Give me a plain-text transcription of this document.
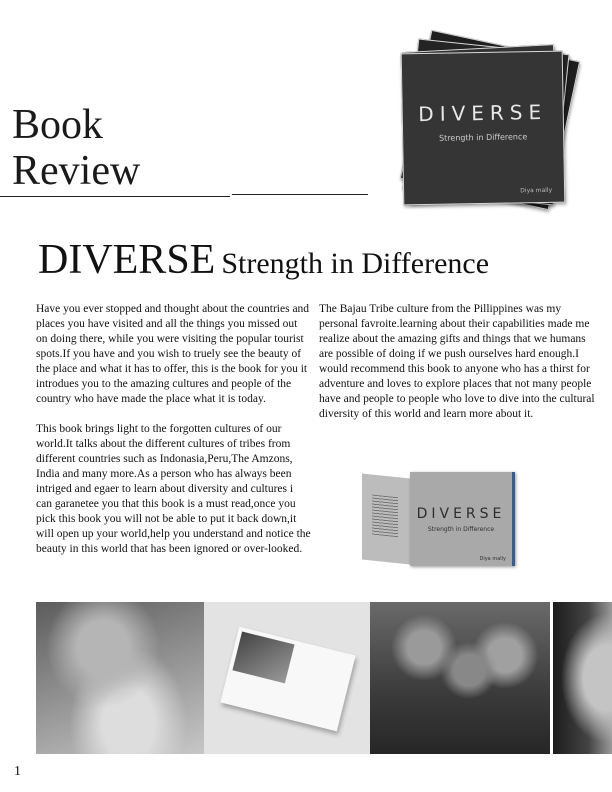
Book
Review
DIVERSE
Strength in Difference
Diya mally
DIVERSE Strength in Difference

Have you ever stopped and thought about the countries and places you have visited and all the things you missed out on doing there, while you were visiting the popular tourist spots.If you have and you wish to truely see the beauty of the place and what it has to offer, this is the book for you it introdues you to the amazing cultures and people of the country who have made the place what it is today.

This book brings light to the forgotten cultures of our world.It talks about the different cultures of tribes from different countries such as Indonasia,Peru,The Amzons, India and many more.As a person who has always been intriged and egaer to learn about diversity and cultures i can garanetee you that this book is a must read,once you pick this book you will not be able to put it back down,it will open up your world,help you understand and notice the beauty in this world that has been ignored or over-looked.

The Bajau Tribe culture from the Pillippines was my personal favroite.learning about their capabilities made me realize about the amazing gifts and things that we humans are possible of doing if we push ourselves hard enough.I would recommend this book to anyone who has a thirst for adventure and loves to explore places that not many people have and people to people who love to dive into the cultural diversity of this world and learn more about it.

DIVERSE
Strength in Difference
Diya mally
1
